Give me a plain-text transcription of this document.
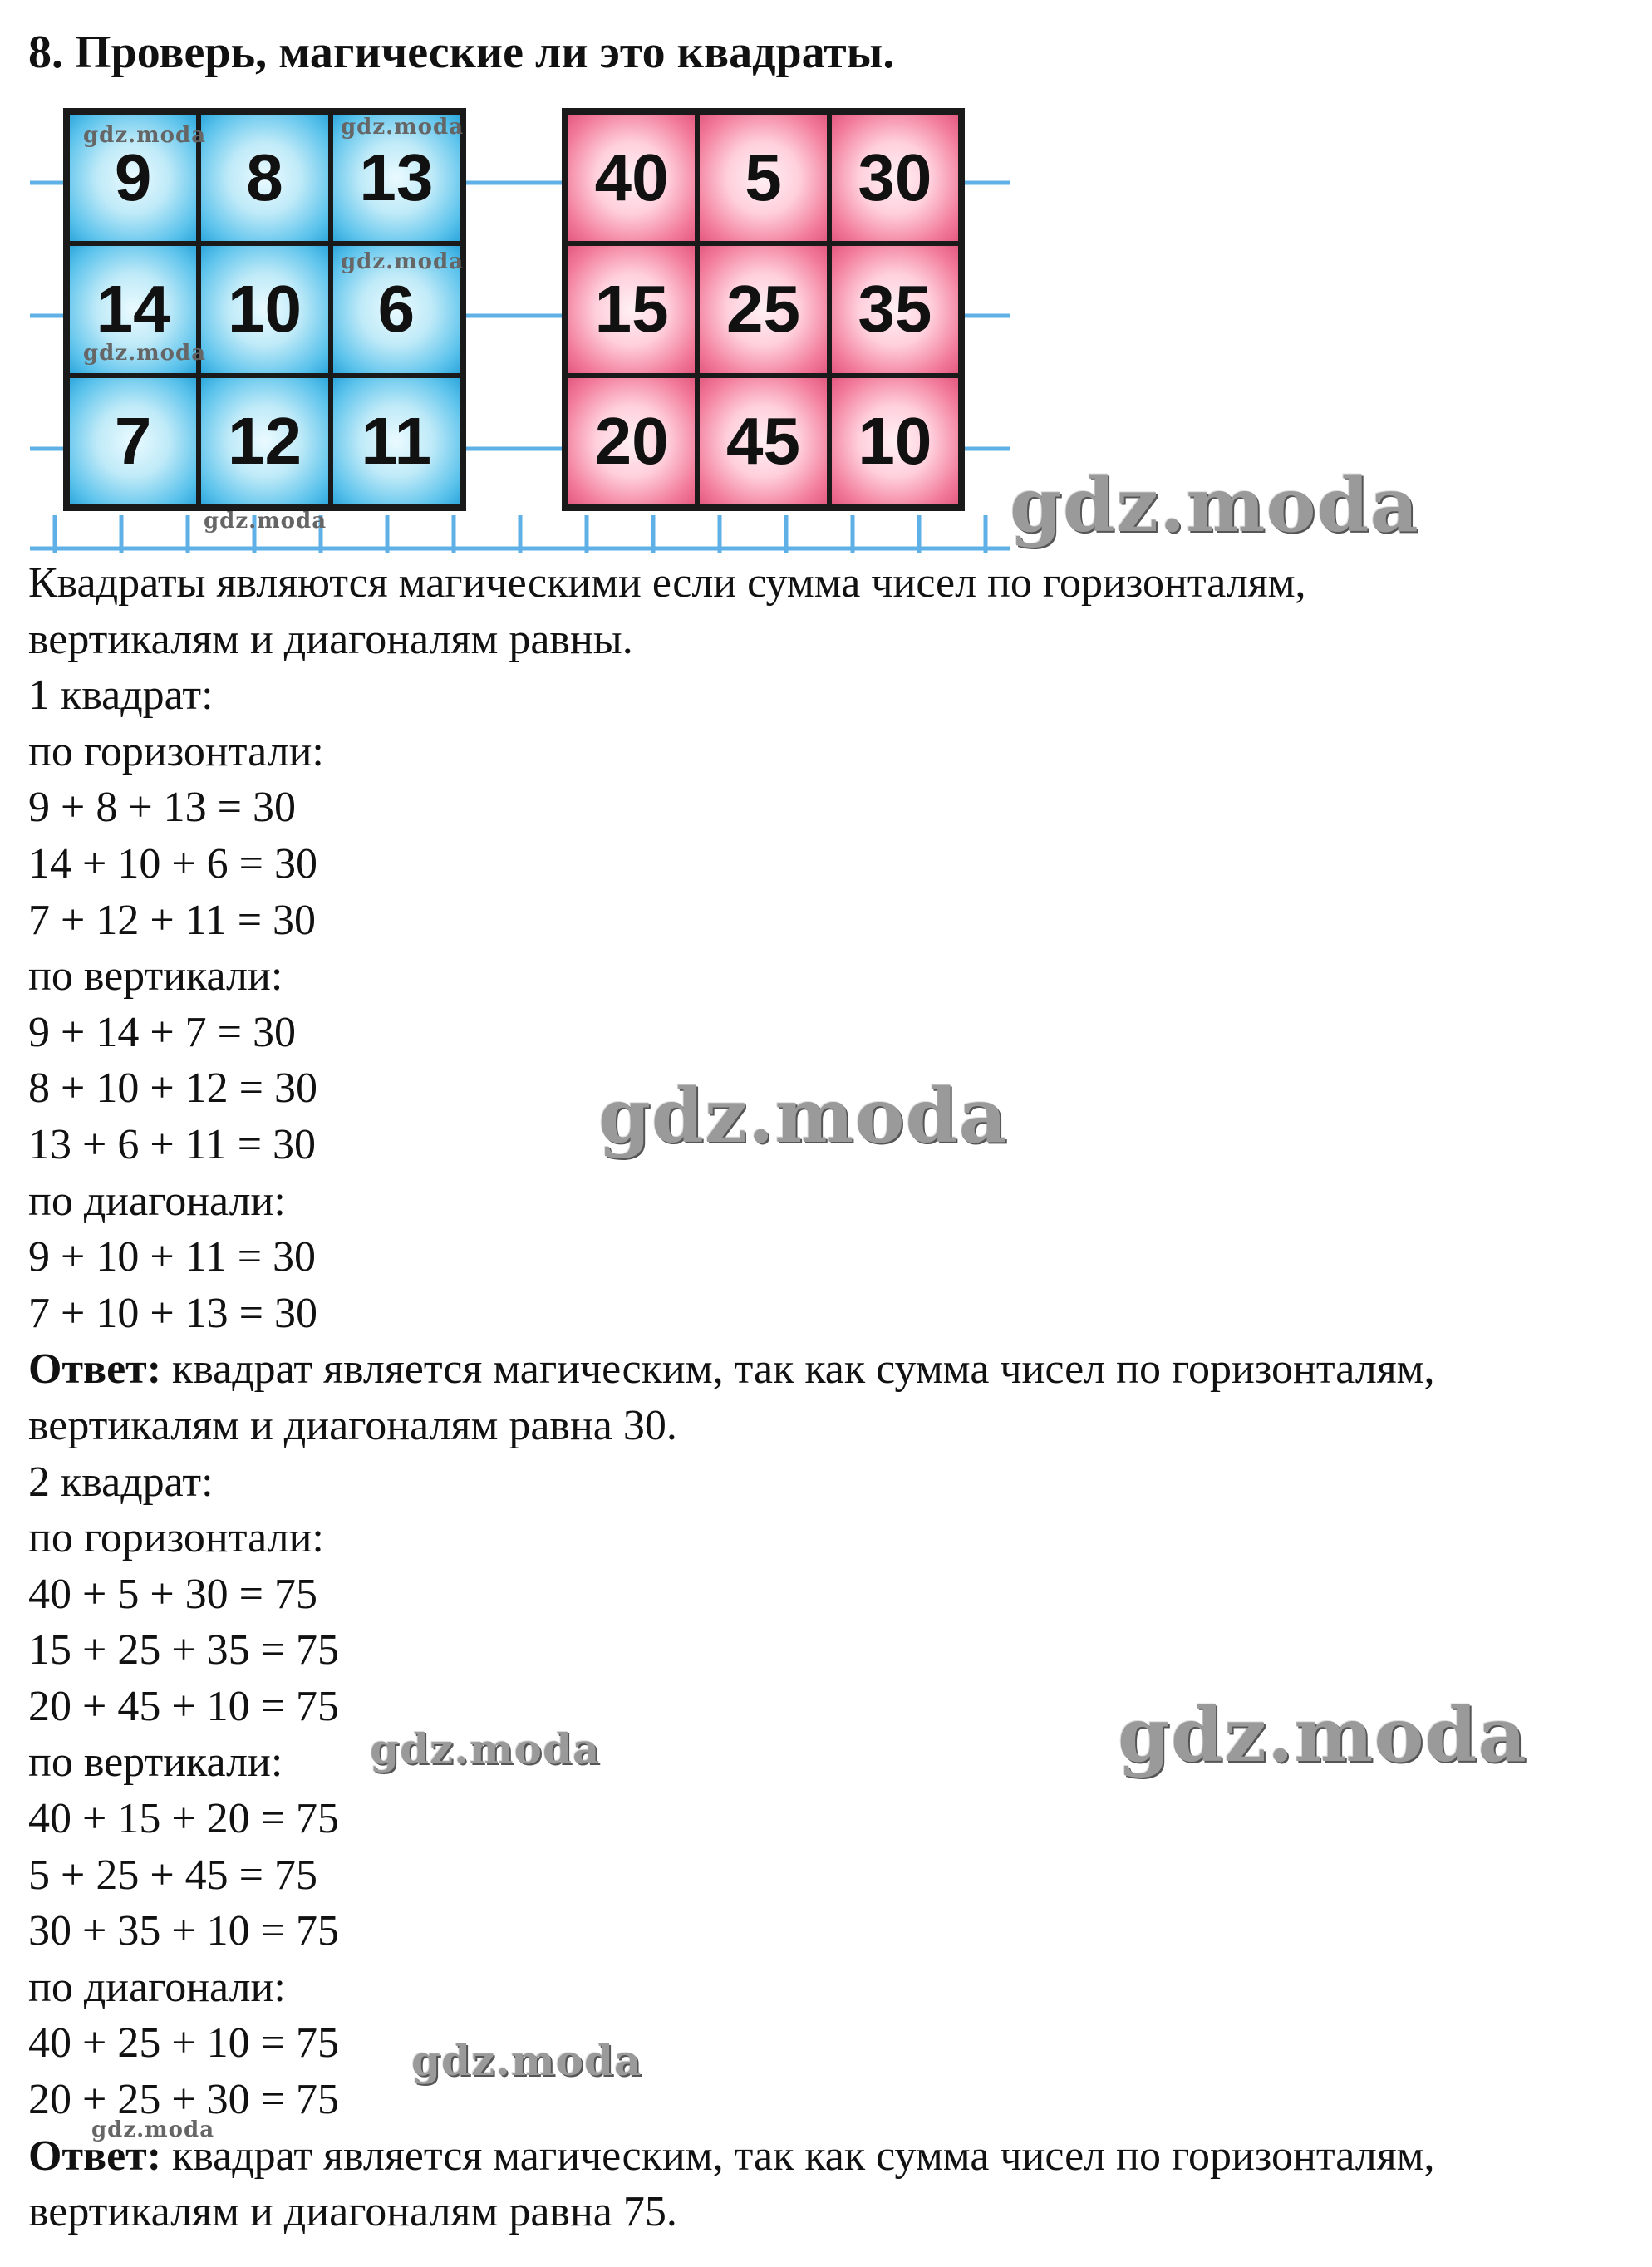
8. Проверь, магические ли это квадраты.
9	8	13
14 10	6
7	12 11
40	5	30
15 25 35
20 45 10
gdz.moda	gdz.moda
gdz.moda
gdz.moda
gdz.moda	gdz.moda
Квадраты являются магическими если сумма чисел по горизонталям,
вертикалям и диагоналям равны.
1 квадрат:
по горизонтали:
9 + 8 + 13 = 30
14 + 10 + 6 = 30
7 + 12 + 11 = 30
по вертикали:
9 + 14 + 7 = 30
8 + 10 + 12 = 30
13 + 6 + 11 = 30
по диагонали:
9 + 10 + 11 = 30
7 + 10 + 13 = 30
Ответ: квадрат является магическим, так как сумма чисел по горизонталям,
вертикалям и диагоналям равна 30.
2 квадрат:
по горизонтали:
40 + 5 + 30 = 75
15 + 25 + 35 = 75
20 + 45 + 10 = 75
по вертикали:
40 + 15 + 20 = 75
5 + 25 + 45 = 75
30 + 35 + 10 = 75
по диагонали:
40 + 25 + 10 = 75
20 + 25 + 30 = 75
Ответ: квадрат является магическим, так как сумма чисел по горизонталям,
вертикалям и диагоналям равна 75.
gdz.moda
gdz.moda	gdz.moda
gdz.moda
gdz.moda
